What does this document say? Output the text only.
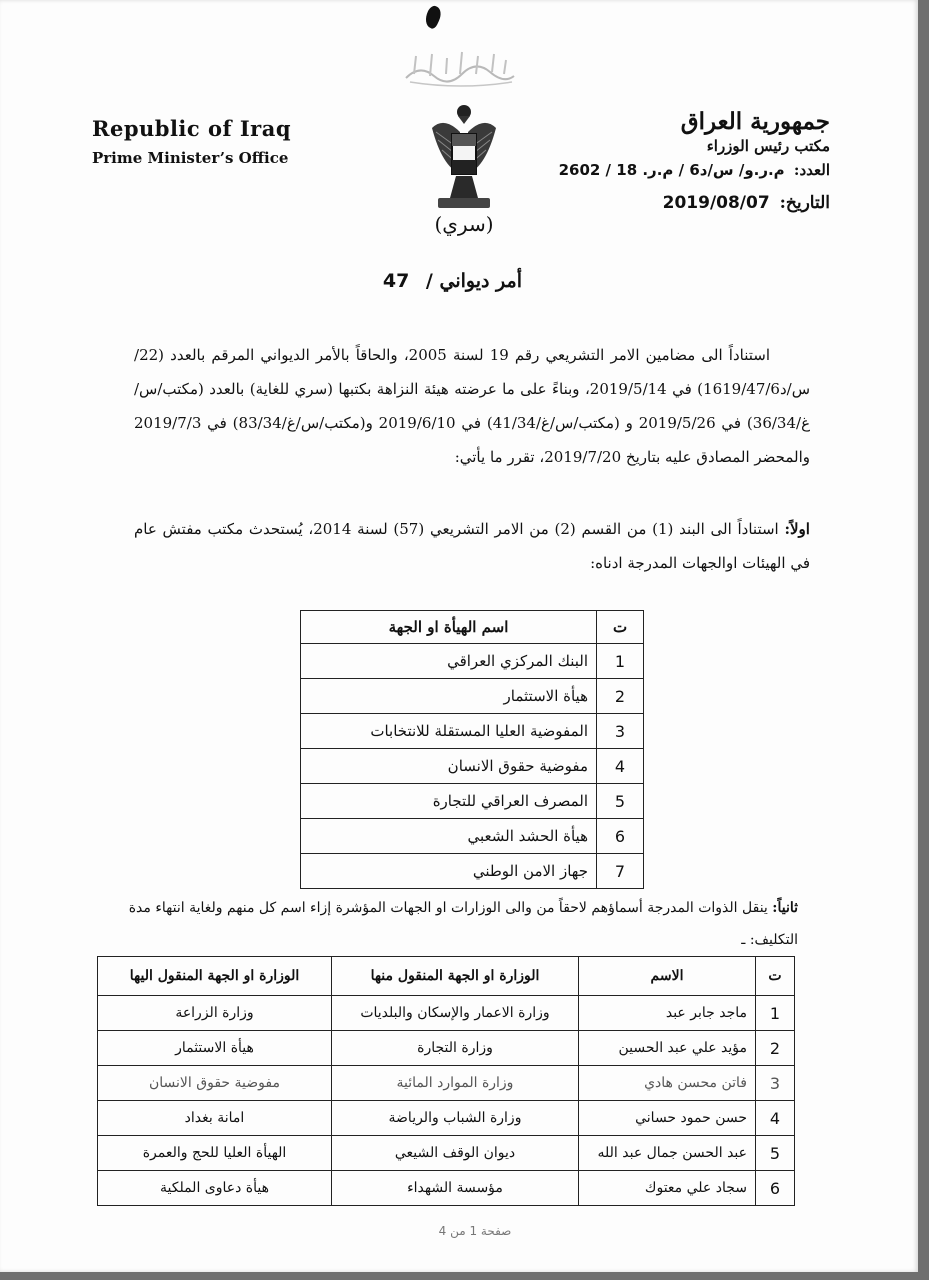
Republic of Iraq
Prime Minister’s Office
( سري )
جمهورية العراق
مكتب رئيس الوزراء
العدد: م.ر.و/ س/د6 / م.ر. 18 / 2602
التاريخ: 2019/08/07
أمر ديواني / 47
استناداً الى مضامين الامر التشريعي رقم 19 لسنة 2005، والحاقاً بالأمر الديواني المرقم بالعدد (22/س/د1619/47/6) في 2019/5/14، وبناءً على ما عرضته هيئة النزاهة بكتبها (سري للغاية) بالعدد (مكتب/س/غ/36/34) في 2019/5/26 و (مكتب/س/غ/41/34) في 2019/6/10 و(مكتب/س/غ/83/34) في 2019/7/3 والمحضر المصادق عليه بتاريخ 2019/7/20، تقرر ما يأتي:
اولاً: استناداً الى البند (1) من القسم (2) من الامر التشريعي (57) لسنة 2014، يُستحدث مكتب مفتش عام في الهيئات اوالجهات المدرجة ادناه:
ت	اسم الهيأة او الجهة
1	البنك المركزي العراقي
2	هيأة الاستثمار
3	المفوضية العليا المستقلة للانتخابات
4	مفوضية حقوق الانسان
5	المصرف العراقي للتجارة
6	هيأة الحشد الشعبي
7	جهاز الامن الوطني
ثانياً: ينقل الذوات المدرجة أسماؤهم لاحقاً من والى الوزارات او الجهات المؤشرة إزاء اسم كل منهم ولغاية انتهاء مدة التكليف: ـ
ت	الاسم	الوزارة او الجهة المنقول منها	الوزارة او الجهة المنقول اليها
1	ماجد جابر عبد	وزارة الاعمار والإسكان والبلديات	وزارة الزراعة
2	مؤيد علي عبد الحسين	وزارة التجارة	هيأة الاستثمار
3	فاتن محسن هادي	وزارة الموارد المائية	مفوضية حقوق الانسان
4	حسن حمود حساني	وزارة الشباب والرياضة	امانة بغداد
5	عبد الحسن جمال عبد الله	ديوان الوقف الشيعي	الهيأة العليا للحج والعمرة
6	سجاد علي معتوك	مؤسسة الشهداء	هيأة دعاوى الملكية
صفحة 1 من 4
